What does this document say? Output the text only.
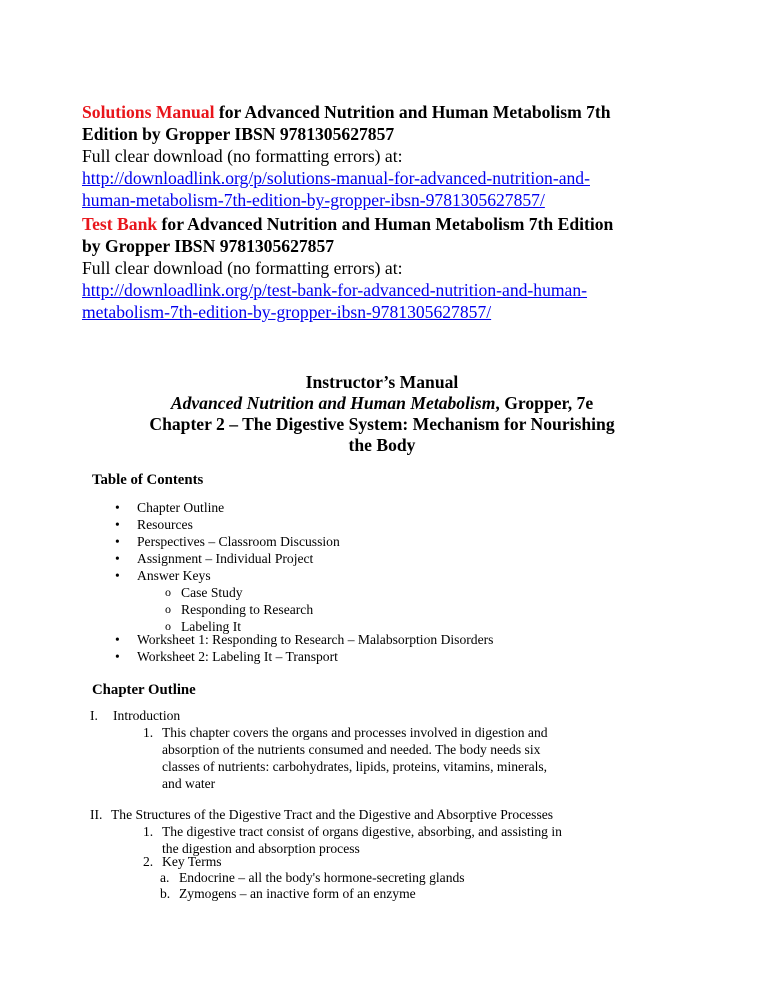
Solutions Manual for Advanced Nutrition and Human Metabolism 7th

Edition by Gropper IBSN 9781305627857

Full clear download (no formatting errors) at:

http://downloadlink.org/p/solutions-manual-for-advanced-nutrition-and-

human-metabolism-7th-edition-by-gropper-ibsn-9781305627857/

Test Bank for Advanced Nutrition and Human Metabolism 7th Edition

by Gropper IBSN 9781305627857

Full clear download (no formatting errors) at:

http://downloadlink.org/p/test-bank-for-advanced-nutrition-and-human-

metabolism-7th-edition-by-gropper-ibsn-9781305627857/

Instructor’s Manual
Advanced Nutrition and Human Metabolism, Gropper, 7e
Chapter 2 – The Digestive System: Mechanism for Nourishing
the Body
Table of Contents
• Chapter Outline
• Resources
• Perspectives – Classroom Discussion
• Assignment – Individual Project
• Answer Keys
o Case Study
o Responding to Research
o Labeling It
• Worksheet 1: Responding to Research – Malabsorption Disorders
• Worksheet 2: Labeling It – Transport
Chapter Outline
I. Introduction
1. This chapter covers the organs and processes involved in digestion and
absorption of the nutrients consumed and needed. The body needs six
classes of nutrients: carbohydrates, lipids, proteins, vitamins, minerals,
and water
II. The Structures of the Digestive Tract and the Digestive and Absorptive Processes
1. The digestive tract consist of organs digestive, absorbing, and assisting in
the digestion and absorption process
2. Key Terms
a. Endocrine – all the body's hormone-secreting glands
b. Zymogens – an inactive form of an enzyme
